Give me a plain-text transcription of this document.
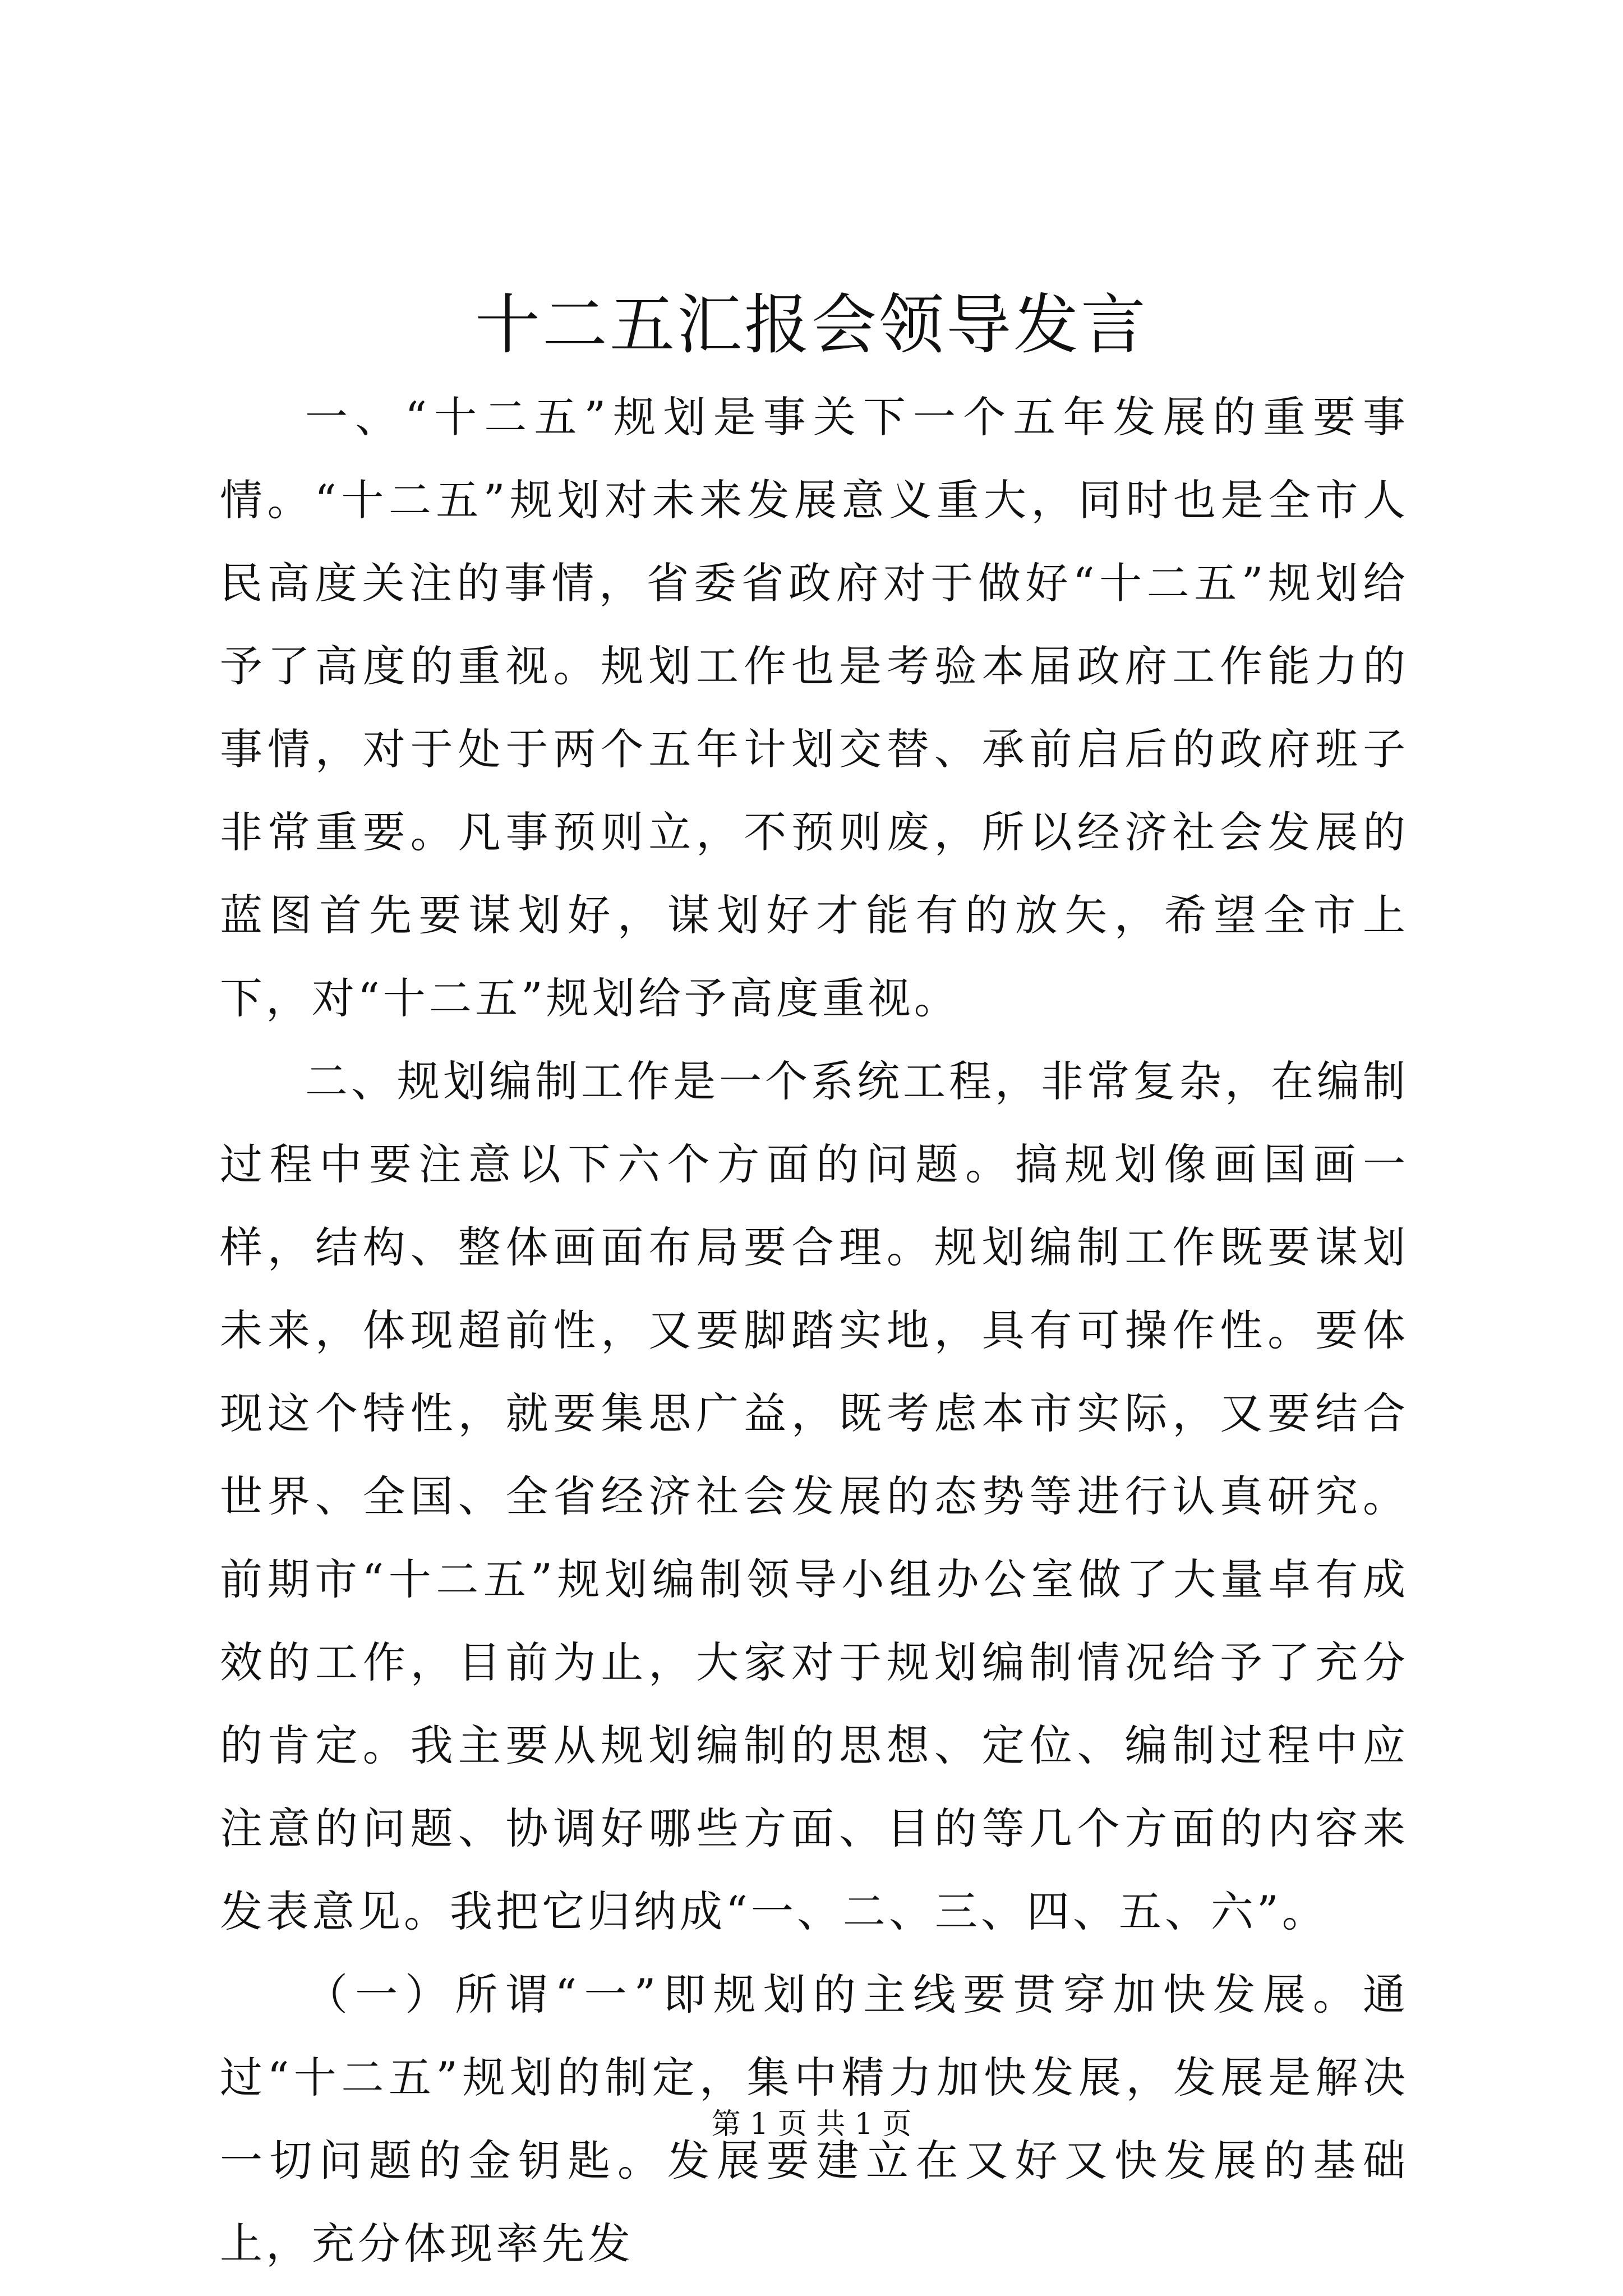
十二五汇报会领导发言

一、“十二五”规划是事关下一个五年发展的重要事情。“十二五”规划对未来发展意义重大，同时也是全市人民高度关注的事情，省委省政府对于做好“十二五”规划给予了高度的重视。规划工作也是考验本届政府工作能力的事情，对于处于两个五年计划交替、承前启后的政府班子非常重要。凡事预则立，不预则废，所以经济社会发展的蓝图首先要谋划好，谋划好才能有的放矢，希望全市上下，对“十二五”规划给予高度重视。

二、规划编制工作是一个系统工程，非常复杂，在编制过程中要注意以下六个方面的问题。搞规划像画国画一样，结构、整体画面布局要合理。规划编制工作既要谋划未来，体现超前性，又要脚踏实地，具有可操作性。要体现这个特性，就要集思广益，既考虑本市实际，又要结合世界、全国、全省经济社会发展的态势等进行认真研究。前期市“十二五”规划编制领导小组办公室做了大量卓有成效的工作，目前为止，大家对于规划编制情况给予了充分的肯定。我主要从规划编制的思想、定位、编制过程中应注意的问题、协调好哪些方面、目的等几个方面的内容来发表意见。我把它归纳成“一、二、三、四、五、六”。

（一）所谓“一”即规划的主线要贯穿加快发展。通过“十二五”规划的制定，集中精力加快发展，发展是解决一切问题的金钥匙。发展要建立在又好又快发展的基础上，充分体现率先发

第 1 页 共 1 页
